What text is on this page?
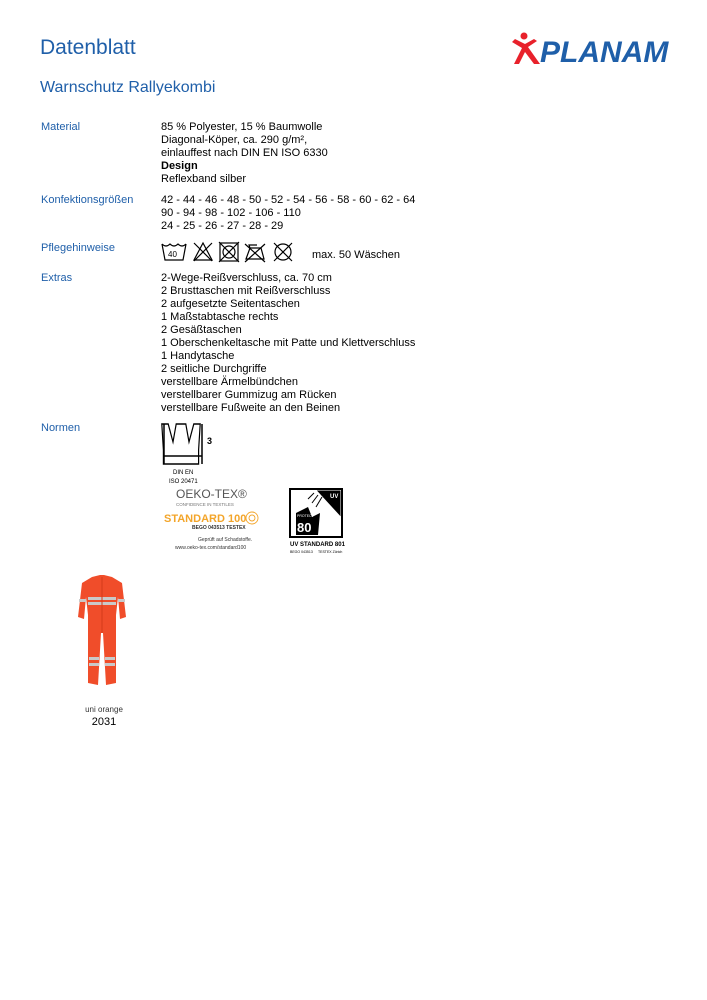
Datenblatt
Warnschutz Rallyekombi
PLANAM
Material	85 % Polyester, 15 % Baumwolle
Diagonal-Köper, ca. 290 g/m²,
einlauffest nach DIN EN ISO 6330
Design
Reflexband silber
Konfektionsgrößen	42 - 44 - 46 - 48 - 50 - 52 - 54 - 56 - 58 - 60 - 62 - 64
90 - 94 - 98 - 102 - 106 - 110
24 - 25 - 26 - 27 - 28 - 29
Pflegehinweise
40	max. 50 Wäschen
Extras	2-Wege-Reißverschluss, ca. 70 cm
2 Brusttaschen mit Reißverschluss
2 aufgesetzte Seitentaschen
1 Maßstabtasche rechts
2 Gesäßtaschen
1 Oberschenkeltasche mit Patte und Klettverschluss
1 Handytasche
2 seitliche Durchgriffe
verstellbare Ärmelbündchen
verstellbarer Gummizug am Rücken
verstellbare Fußweite an den Beinen
Normen
3
DIN EN
ISO 20471
OEKO-TEX®
CONFIDENCE IN TEXTILES
STANDARD 100
BEGO 043513 TESTEX
Geprüft auf Schadstoffe.
www.oeko-tex.com/standard100
UV
PROTECT
80
UV STANDARD 801
BEGO 043513 TESTEX Zürich
uni orange
2031
